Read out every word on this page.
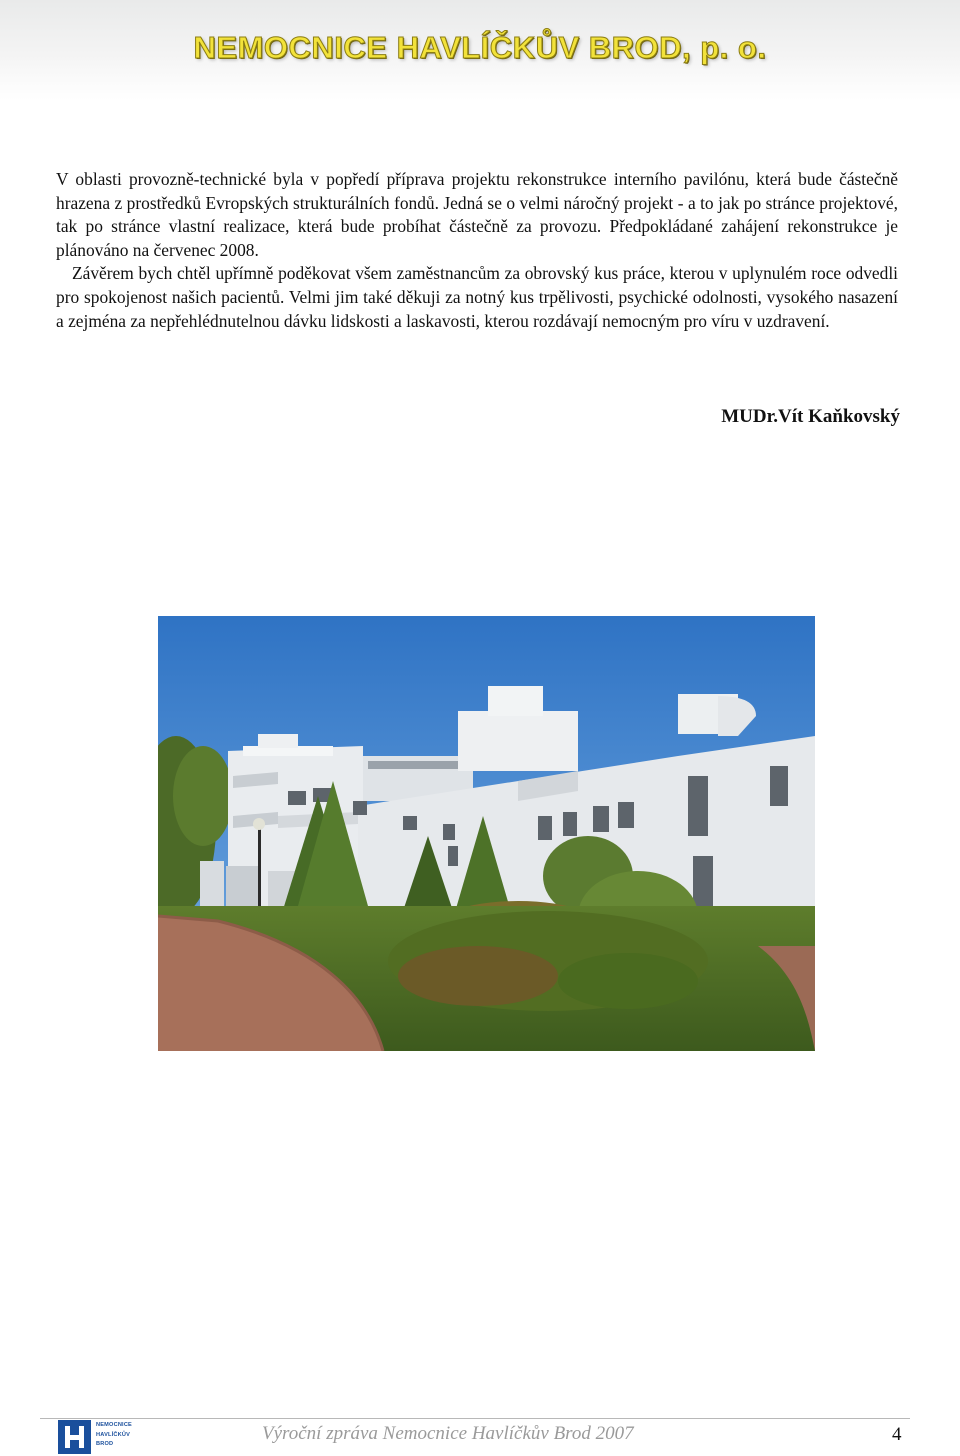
NEMOCNICE HAVLÍČKŮV BROD, p. o.

V oblasti provozně-technické byla v popředí příprava projektu rekonstrukce interního pavilónu, která bude částečně hrazena z prostředků Evropských strukturálních fondů. Jedná se o velmi náročný projekt - a to jak po stránce projektové, tak po stránce vlastní realizace, která bude probíhat částečně za provozu. Předpokládané zahájení rekonstrukce je plánováno na červenec 2008.

Závěrem bych chtěl upřímně poděkovat všem zaměstnancům za obrovský kus práce, kterou v uplynulém roce odvedli pro spokojenost našich pacientů. Velmi jim také děkuji za notný kus trpělivosti, psychické odolnosti, vysokého nasazení a zejména za nepřehlédnutelnou dávku lidskosti a laskavosti, kterou rozdávají nemocným pro víru v uzdravení.

MUDr.Vít Kaňkovský
NEMOCNICE
HAVLÍČKŮV
BROD	Výroční zpráva Nemocnice Havlíčkův Brod 2007	4
